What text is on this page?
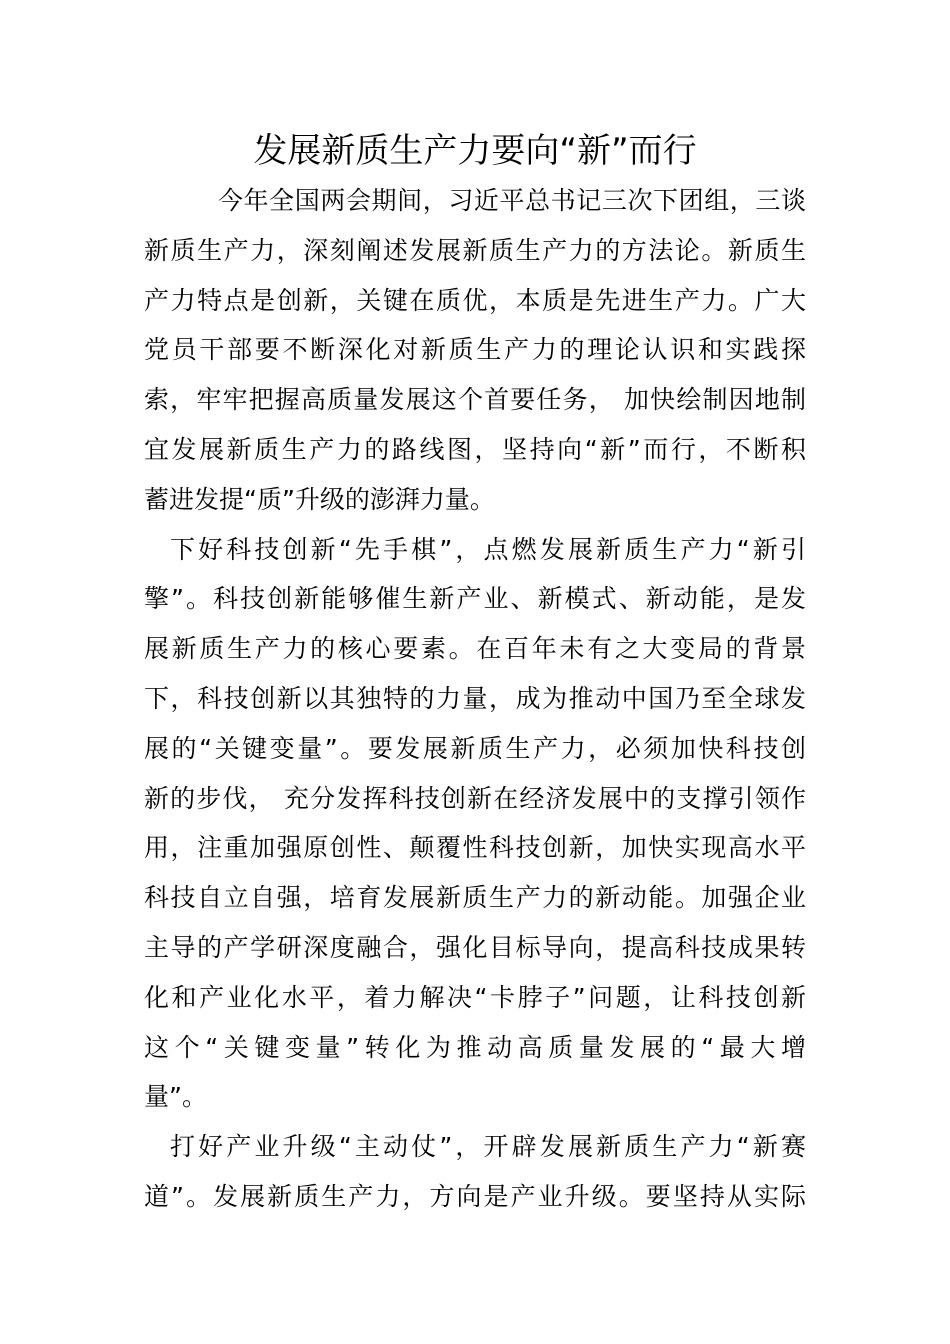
发展新质生产力要向“新”而行
今年全国两会期间，习近平总书记三次下团组，三谈
新质生产力，深刻阐述发展新质生产力的方法论。新质生
产力特点是创新，关键在质优，本质是先进生产力。广大
党员干部要不断深化对新质生产力的理论认识和实践探
索，牢牢把握高质量发展这个首要任务， 加快绘制因地制
宜发展新质生产力的路线图，坚持向“新”而行，不断积
蓄进发提“质”升级的澎湃力量。
下好科技创新“先手棋”，点燃发展新质生产力“新引
擎”。科技创新能够催生新产业、新模式、新动能，是发
展新质生产力的核心要素。在百年未有之大变局的背景
下，科技创新以其独特的力量，成为推动中国乃至全球发
展的“关键变量”。要发展新质生产力，必须加快科技创
新的步伐， 充分发挥科技创新在经济发展中的支撑引领作
用，注重加强原创性、颠覆性科技创新，加快实现高水平
科技自立自强，培育发展新质生产力的新动能。加强企业
主导的产学研深度融合，强化目标导向，提高科技成果转
化和产业化水平，着力解决“卡脖子”问题，让科技创新
这个“关键变量”转化为推动高质量发展的“最大增
量”。
打好产业升级“主动仗”，开辟发展新质生产力“新赛
道”。发展新质生产力，方向是产业升级。要坚持从实际
